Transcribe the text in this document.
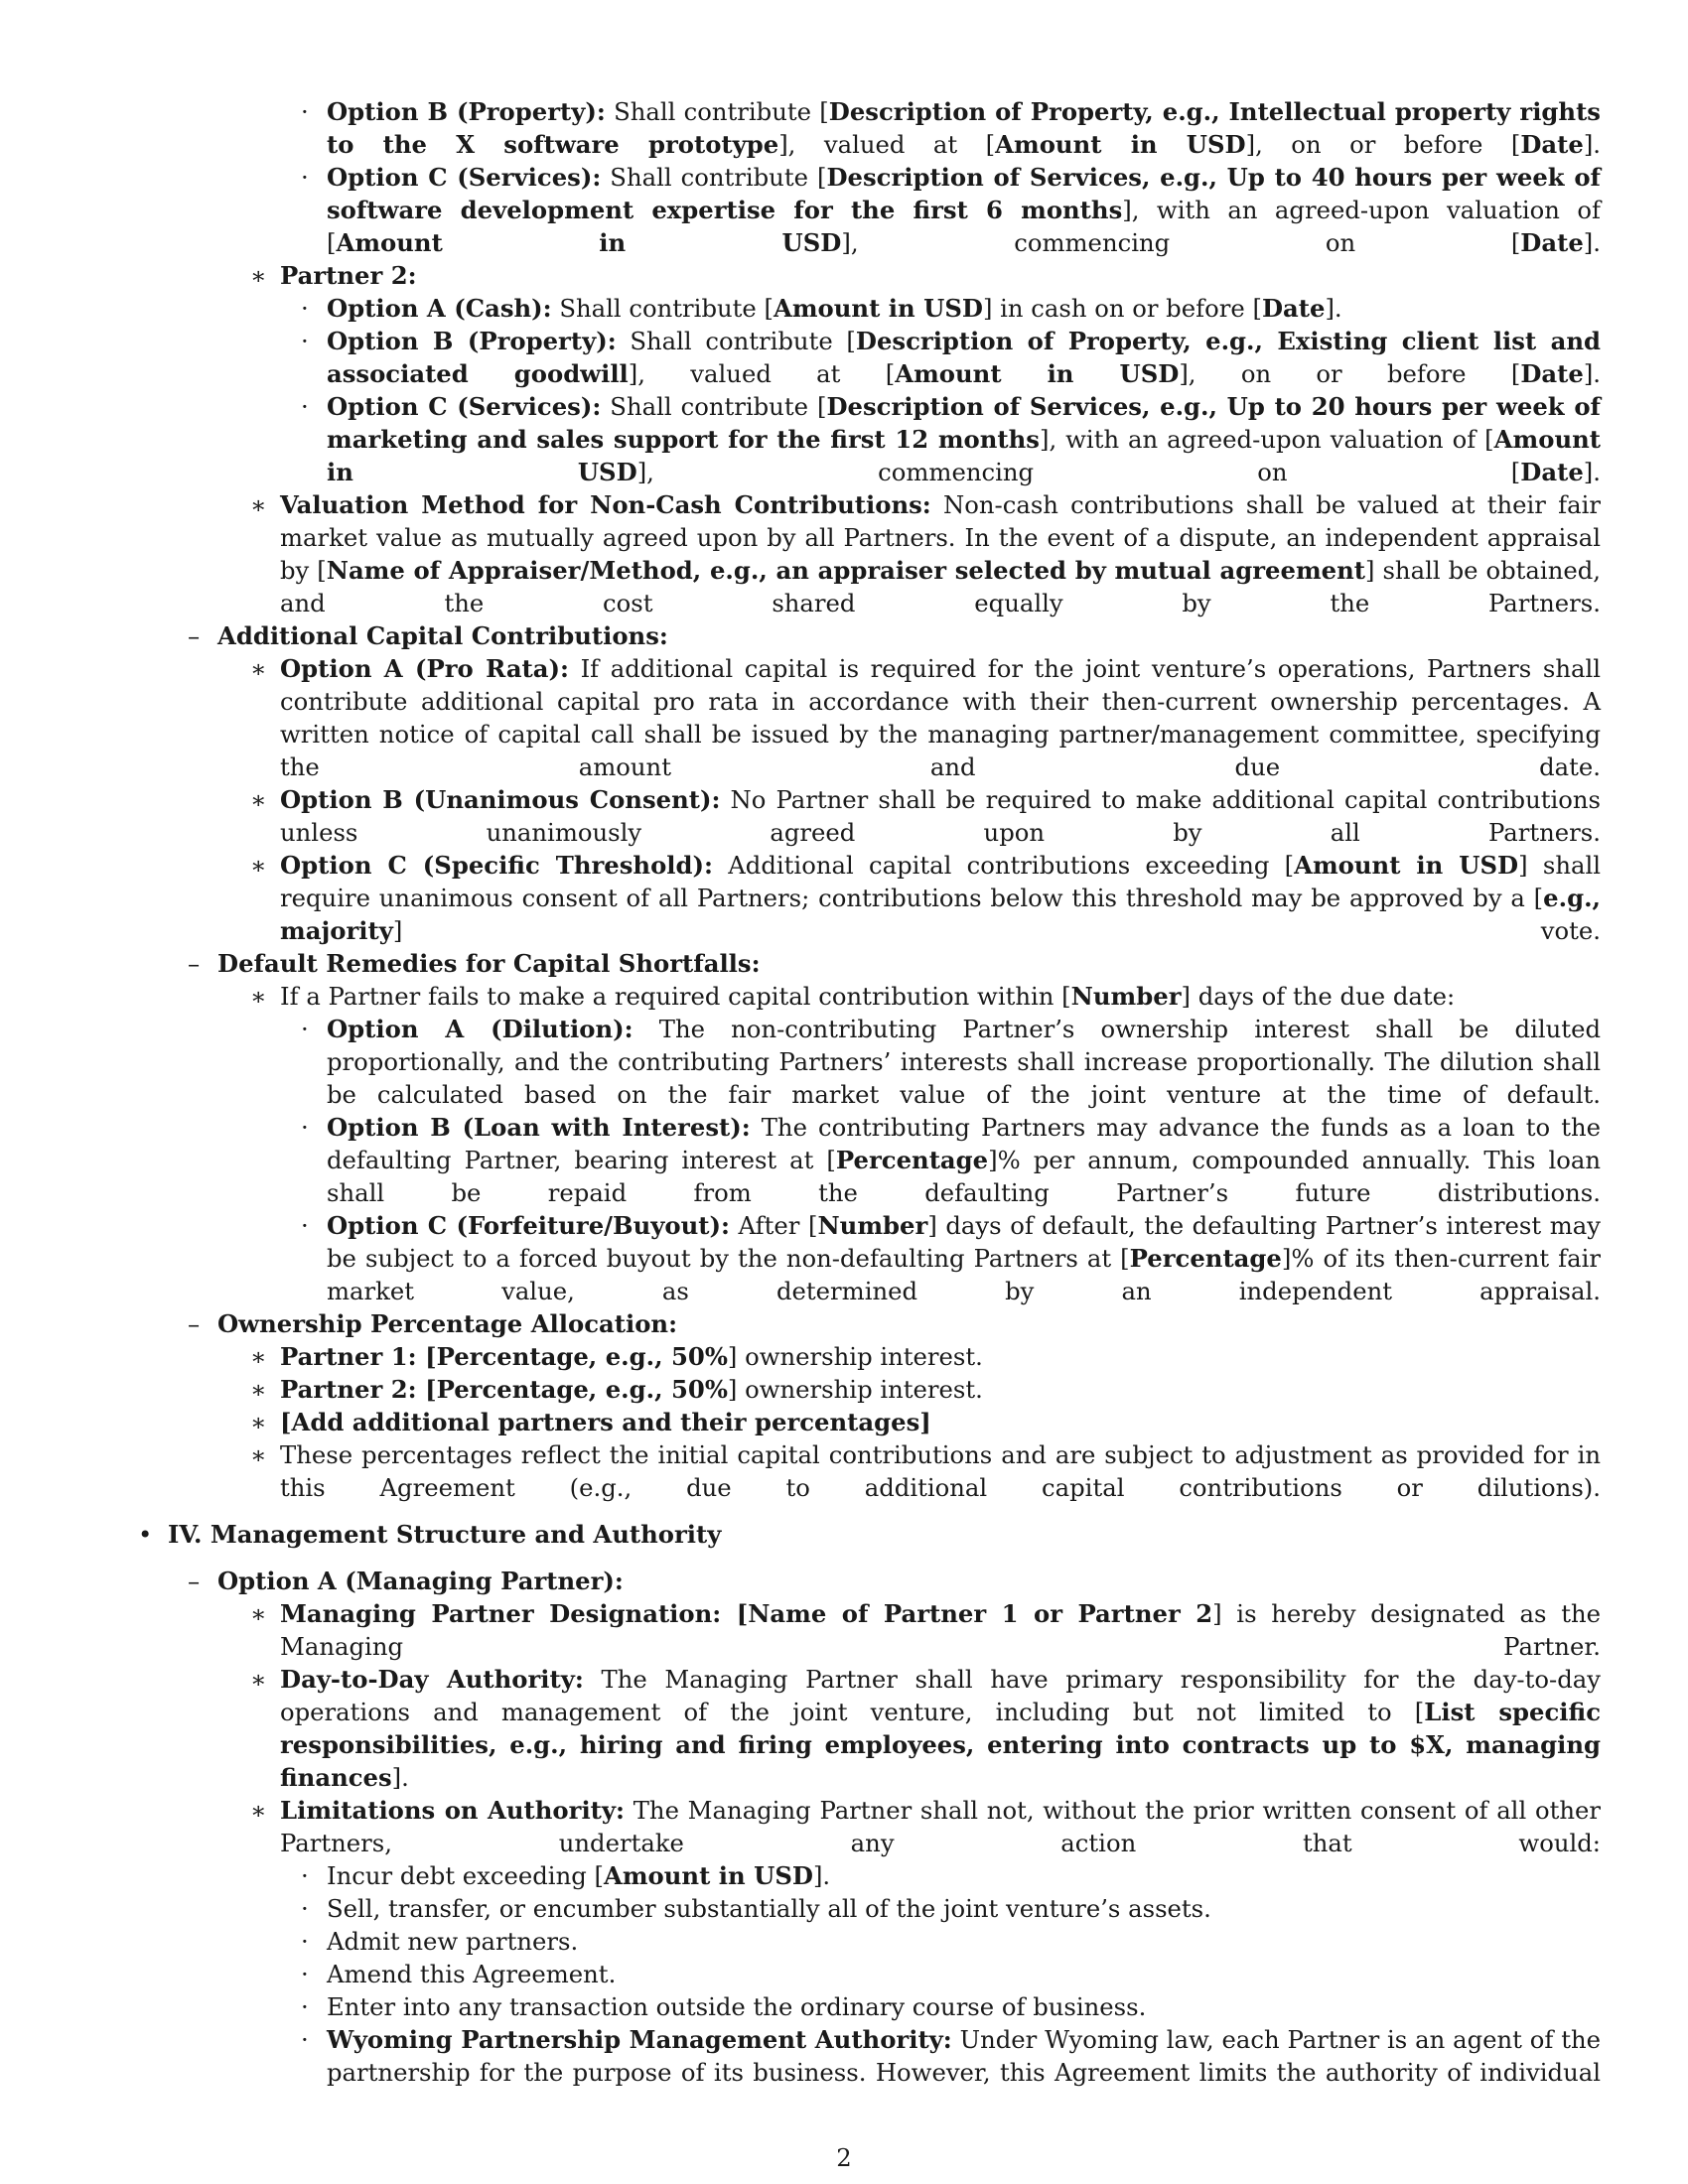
· Option B (Property): Shall contribute [Description of Property, e.g., Intellectual property rights to the X software prototype], valued at [Amount in USD], on or before [Date].
· Option C (Services): Shall contribute [Description of Services, e.g., Up to 40 hours per week of software development expertise for the first 6 months], with an agreed-upon valuation of [Amount in USD], commencing on [Date].
∗ Partner 2:
· Option A (Cash): Shall contribute [Amount in USD] in cash on or before [Date].
· Option B (Property): Shall contribute [Description of Property, e.g., Existing client list and associated goodwill], valued at [Amount in USD], on or before [Date].
· Option C (Services): Shall contribute [Description of Services, e.g., Up to 20 hours per week of marketing and sales support for the first 12 months], with an agreed-upon valuation of [Amount in USD], commencing on [Date].
∗ Valuation Method for Non-Cash Contributions: Non-cash contributions shall be valued at their fair market value as mutually agreed upon by all Partners. In the event of a dispute, an independent appraisal by [Name of Appraiser/Method, e.g., an appraiser selected by mutual agreement] shall be obtained, and the cost shared equally by the Partners.
– Additional Capital Contributions:
∗ Option A (Pro Rata): If additional capital is required for the joint venture’s operations, Partners shall contribute additional capital pro rata in accordance with their then-current ownership percentages. A written notice of capital call shall be issued by the managing partner/management committee, specifying the amount and due date.
∗ Option B (Unanimous Consent): No Partner shall be required to make additional capital contributions unless unanimously agreed upon by all Partners.
∗ Option C (Specific Threshold): Additional capital contributions exceeding [Amount in USD] shall require unanimous consent of all Partners; contributions below this threshold may be approved by a [e.g., majority] vote.
– Default Remedies for Capital Shortfalls:
∗ If a Partner fails to make a required capital contribution within [Number] days of the due date:
· Option A (Dilution): The non-contributing Partner’s ownership interest shall be diluted proportionally, and the contributing Partners’ interests shall increase proportionally. The dilution shall be calculated based on the fair market value of the joint venture at the time of default.
· Option B (Loan with Interest): The contributing Partners may advance the funds as a loan to the defaulting Partner, bearing interest at [Percentage]% per annum, compounded annually. This loan shall be repaid from the defaulting Partner’s future distributions.
· Option C (Forfeiture/Buyout): After [Number] days of default, the defaulting Partner’s interest may be subject to a forced buyout by the non-defaulting Partners at [Percentage]% of its then-current fair market value, as determined by an independent appraisal.
– Ownership Percentage Allocation:
∗ Partner 1: [Percentage, e.g., 50%] ownership interest.
∗ Partner 2: [Percentage, e.g., 50%] ownership interest.
∗ [Add additional partners and their percentages]
∗ These percentages reflect the initial capital contributions and are subject to adjustment as provided for in this Agreement (e.g., due to additional capital contributions or dilutions).
• IV. Management Structure and Authority
– Option A (Managing Partner):
∗ Managing Partner Designation: [Name of Partner 1 or Partner 2] is hereby designated as the Managing Partner.
∗ Day-to-Day Authority: The Managing Partner shall have primary responsibility for the day-to-day operations and management of the joint venture, including but not limited to [List specific responsibilities, e.g., hiring and firing employees, entering into contracts up to $X, managing finances].
∗ Limitations on Authority: The Managing Partner shall not, without the prior written consent of all other Partners, undertake any action that would:
· Incur debt exceeding [Amount in USD].
· Sell, transfer, or encumber substantially all of the joint venture’s assets.
· Admit new partners.
· Amend this Agreement.
· Enter into any transaction outside the ordinary course of business.
· Wyoming Partnership Management Authority: Under Wyoming law, each Partner is an agent of the partnership for the purpose of its business. However, this Agreement limits the authority of individual
2
